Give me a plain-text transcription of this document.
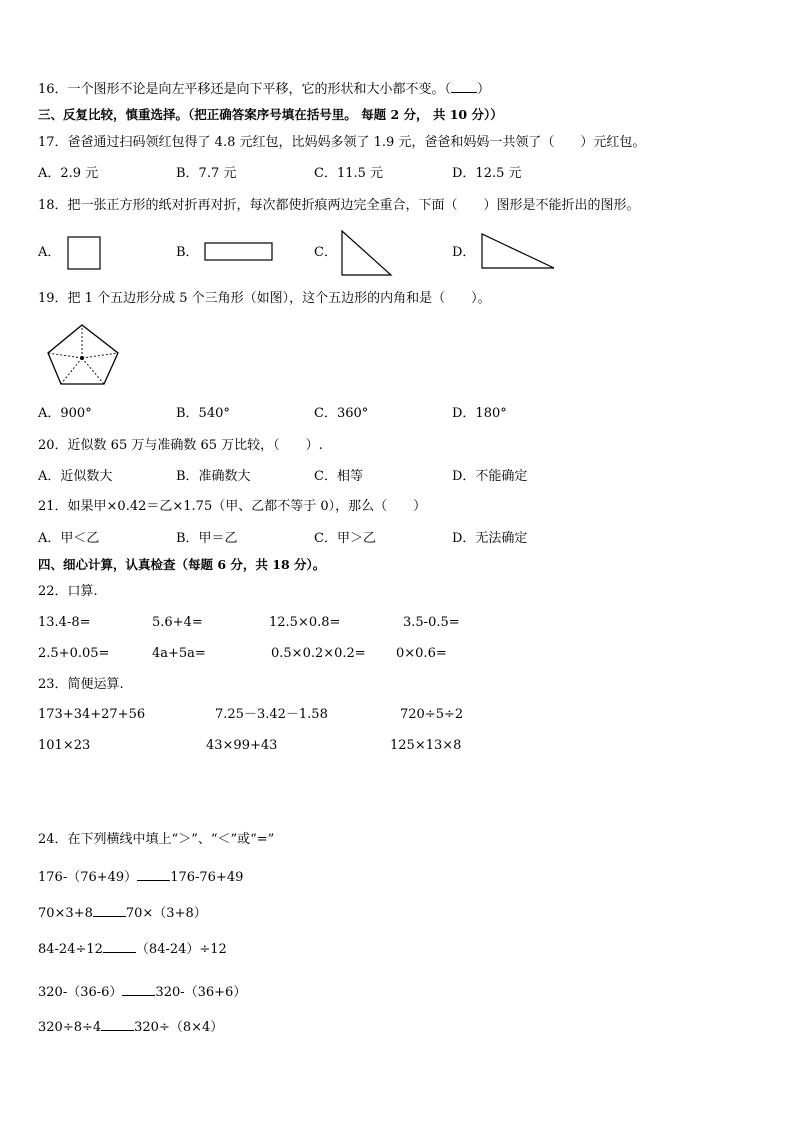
16．一个图形不论是向左平移还是向下平移，它的形状和大小都不变。（ ）
三、反复比较，慎重选择。（把正确答案序号填在括号里。 每题 2 分， 共 10 分））
17．爸爸通过扫码领红包得了 4.8 元红包，比妈妈多领了 1.9 元，爸爸和妈妈一共领了（　　）元红包。
A．2.9 元	B．7.7 元	C．11.5 元	D．12.5 元
18．把一张正方形的纸对折再对折，每次都使折痕两边完全重合，下面（　　）图形是不能折出的图形。
A．	B．	C．	D．
19．把 1 个五边形分成 5 个三角形（如图），这个五边形的内角和是（　　）。
A．900°	B．540°	C．360°	D．180°
20．近似数 65 万与准确数 65 万比较，（　　）.
A．近似数大	B．准确数大	C．相等	D．不能确定
21．如果甲×0.42＝乙×1.75（甲、乙都不等于 0），那么（　　）
A．甲＜乙	B．甲＝乙	C．甲＞乙	D．无法确定
四、细心计算，认真检查（每题 6 分，共 18 分）。
22．口算.
13.4-8=	5.6+4=	12.5×0.8=	3.5-0.5=
2.5+0.05=	4a+5a=	0.5×0.2×0.2= 0×0.6=
23．简便运算.
173+34+27+56	7.25－3.42－1.58	720÷5÷2
101×23	43×99+43	125×13×8
24．在下列横线中填上“＞”、“＜”或“=”
176-（76+49）	176-76+49
70×3+8	70×（3+8）
84-24÷12	（84-24）÷12
320-（36-6）	320-（36+6）
320÷8÷4	320÷（8×4）
